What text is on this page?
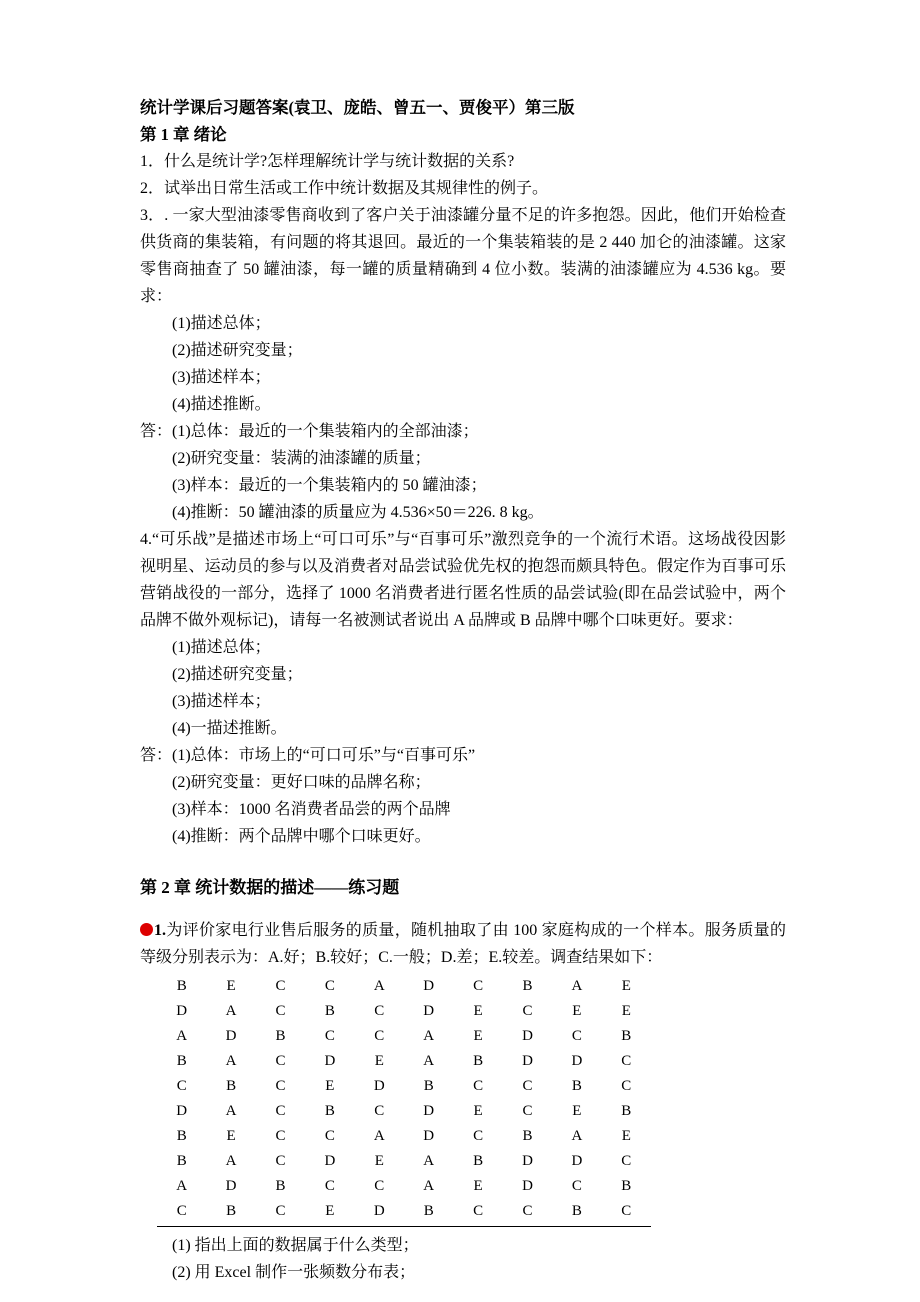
统计学课后习题答案(袁卫、庞皓、曾五一、贾俊平）第三版

第 1 章 绪论

1．什么是统计学?怎样理解统计学与统计数据的关系?

2．试举出日常生活或工作中统计数据及其规律性的例子。

3．. 一家大型油漆零售商收到了客户关于油漆罐分量不足的许多抱怨。因此，他们开始检查供货商的集装箱，有问题的将其退回。最近的一个集装箱装的是 2 440 加仑的油漆罐。这家零售商抽查了 50 罐油漆，每一罐的质量精确到 4 位小数。装满的油漆罐应为 4.536 kg。要求：

(1)描述总体；

(2)描述研究变量；

(3)描述样本；

(4)描述推断。

答：(1)总体：最近的一个集装箱内的全部油漆；

(2)研究变量：装满的油漆罐的质量；

(3)样本：最近的一个集装箱内的 50 罐油漆；

(4)推断：50 罐油漆的质量应为 4.536×50＝226. 8 kg。

4.“可乐战”是描述市场上“可口可乐”与“百事可乐”激烈竞争的一个流行术语。这场战役因影视明星、运动员的参与以及消费者对品尝试验优先权的抱怨而颇具特色。假定作为百事可乐营销战役的一部分，选择了 1000 名消费者进行匿名性质的品尝试验(即在品尝试验中，两个品牌不做外观标记)，请每一名被测试者说出 A 品牌或 B 品牌中哪个口味更好。要求：

(1)描述总体；

(2)描述研究变量；

(3)描述样本；

(4)一描述推断。

答：(1)总体：市场上的“可口可乐”与“百事可乐”

(2)研究变量：更好口味的品牌名称；

(3)样本：1000 名消费者品尝的两个品牌

(4)推断：两个品牌中哪个口味更好。

第 2 章 统计数据的描述——练习题

1.为评价家电行业售后服务的质量，随机抽取了由 100 家庭构成的一个样本。服务质量的等级分别表示为：A.好；B.较好；C.一般；D.差；E.较差。调查结果如下：

B	E	C	C	A	D	C	B	A	E
D	A	C	B	C	D	E	C	E	E
A	D	B	C	C	A	E	D	C	B
B	A	C	D	E	A	B	D	D	C
C	B	C	E	D	B	C	C	B	C
D	A	C	B	C	D	E	C	E	B
B	E	C	C	A	D	C	B	A	E
B	A	C	D	E	A	B	D	D	C
A	D	B	C	C	A	E	D	C	B
C	B	C	E	D	B	C	C	B	C

(1) 指出上面的数据属于什么类型；

(2) 用 Excel 制作一张频数分布表；
